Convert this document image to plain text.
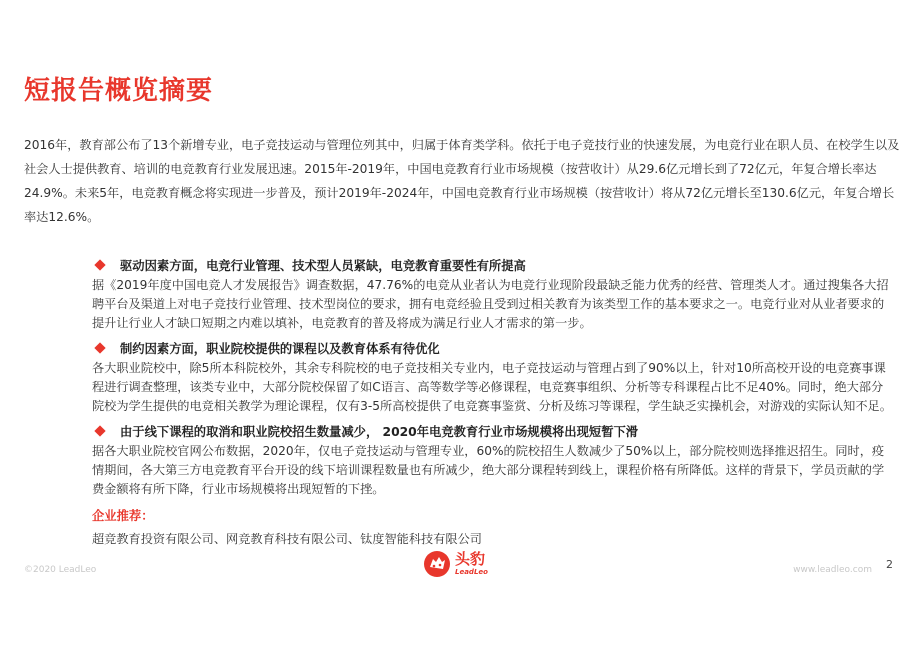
短报告概览摘要

2016年，教育部公布了13个新增专业，电子竞技运动与管理位列其中，归属于体育类学科。依托于电子竞技行业的快速发展，为电竞行业在职人员、在校学生以及社会人士提供教育、培训的电竞教育行业发展迅速。2015年-2019年，中国电竞教育行业市场规模（按营收计）从29.6亿元增长到了72亿元，年复合增长率达24.9%。未来5年，电竞教育概念将实现进一步普及，预计2019年-2024年，中国电竞教育行业市场规模（按营收计）将从72亿元增长至130.6亿元，年复合增长率达12.6%。

驱动因素方面，电竞行业管理、技术型人员紧缺，电竞教育重要性有所提高

据《2019年度中国电竞人才发展报告》调查数据，47.76%的电竞从业者认为电竞行业现阶段最缺乏能力优秀的经营、管理类人才。通过搜集各大招聘平台及渠道上对电子竞技行业管理、技术型岗位的要求，拥有电竞经验且受到过相关教育为该类型工作的基本要求之一。电竞行业对从业者要求的提升让行业人才缺口短期之内难以填补，电竞教育的普及将成为满足行业人才需求的第一步。

制约因素方面，职业院校提供的课程以及教育体系有待优化

各大职业院校中，除5所本科院校外，其余专科院校的电子竞技相关专业内，电子竞技运动与管理占到了90%以上，针对10所高校开设的电竞赛事课程进行调查整理，该类专业中，大部分院校保留了如C语言、高等数学等必修课程，电竞赛事组织、分析等专科课程占比不足40%。同时，绝大部分院校为学生提供的电竞相关教学为理论课程，仅有3-5所高校提供了电竞赛事鉴赏、分析及练习等课程，学生缺乏实操机会，对游戏的实际认知不足。

由于线下课程的取消和职业院校招生数量减少， 2020年电竞教育行业市场规模将出现短暂下滑

据各大职业院校官网公布数据，2020年，仅电子竞技运动与管理专业，60%的院校招生人数减少了50%以上，部分院校则选择推迟招生。同时，疫情期间，各大第三方电竞教育平台开设的线下培训课程数量也有所减少，绝大部分课程转到线上，课程价格有所降低。这样的背景下，学员贡献的学费金额将有所下降，行业市场规模将出现短暂的下挫。

企业推荐：
超竞教育投资有限公司、网竞教育科技有限公司、钛度智能科技有限公司
©2020 LeadLeo
头豹
LeadLeo	www.leadleo.com 2
